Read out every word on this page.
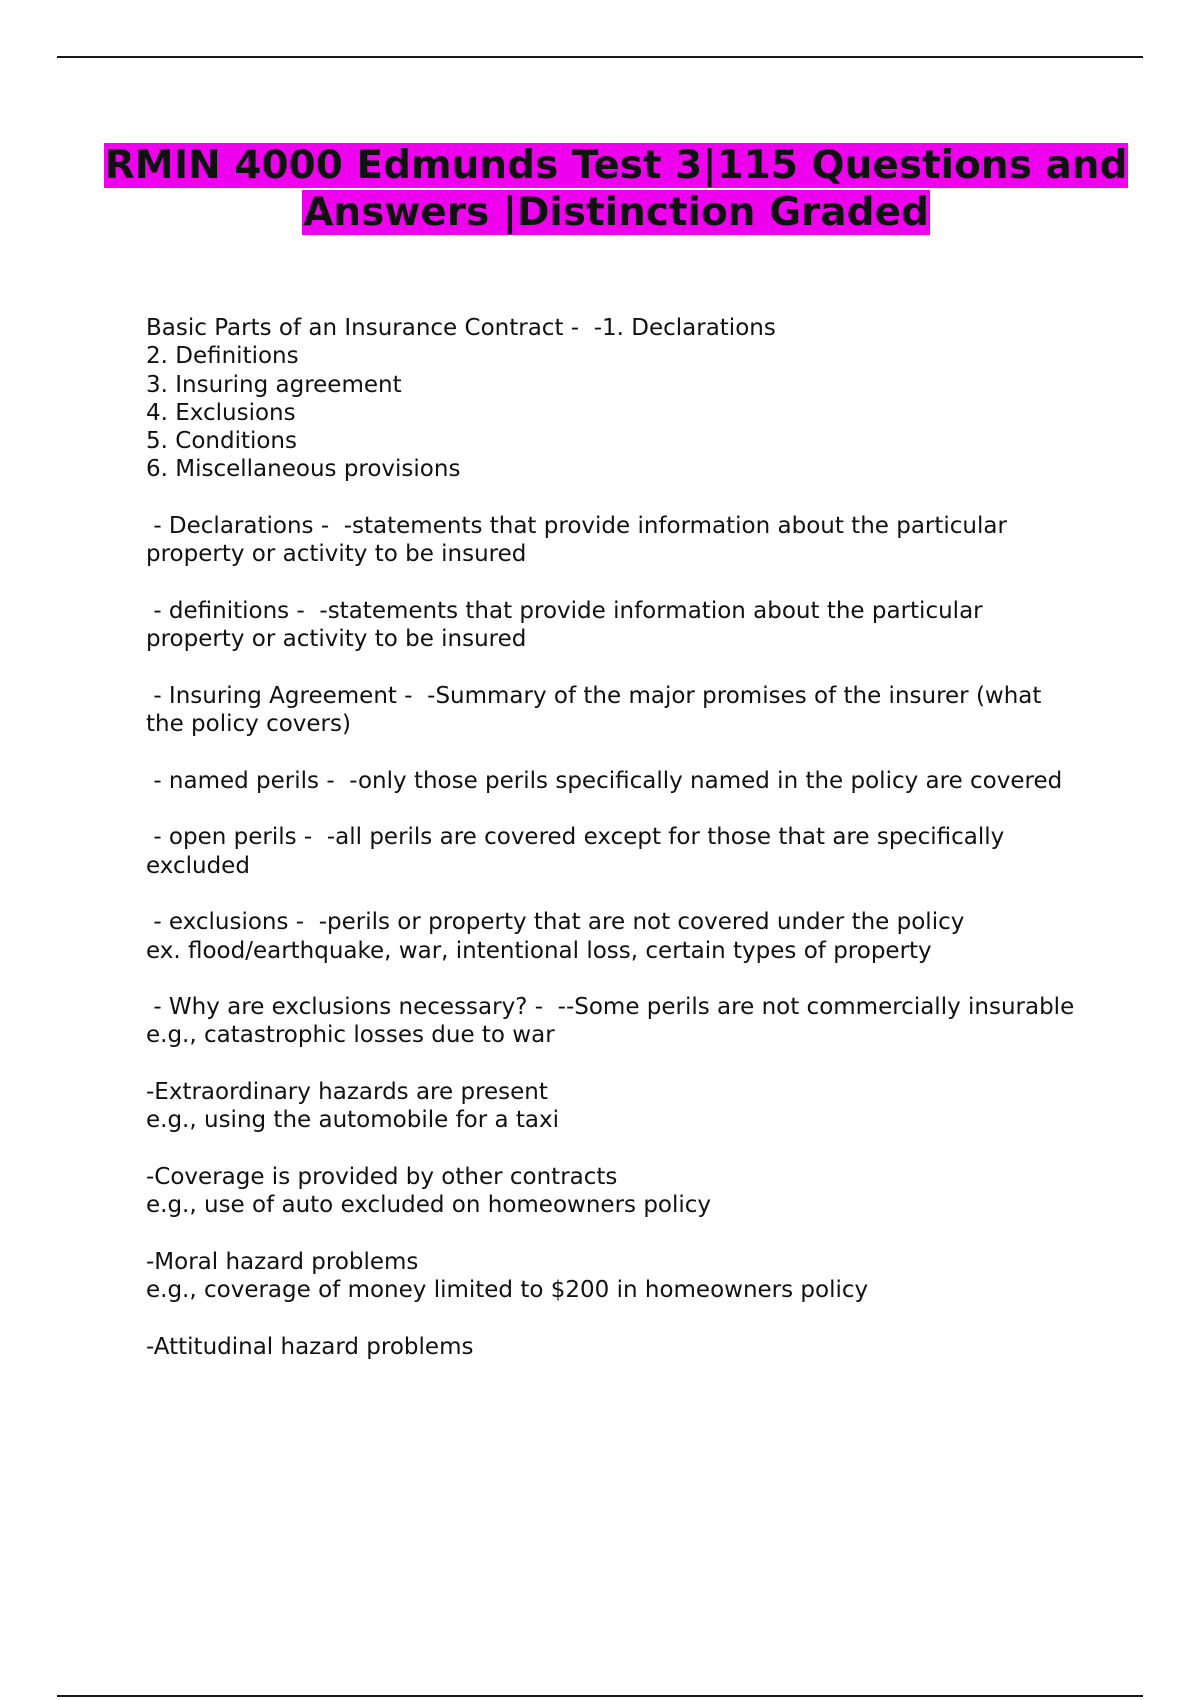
RMIN 4000 Edmunds Test 3|115 Questions and Answers |Distinction Graded
Basic Parts of an Insurance Contract -  -1. Declarations
2. Definitions
3. Insuring agreement
4. Exclusions
5. Conditions
6. Miscellaneous provisions
- Declarations -  -statements that provide information about the particular property or activity to be insured
- definitions -  -statements that provide information about the particular property or activity to be insured
- Insuring Agreement -  -Summary of the major promises of the insurer (what the policy covers)
- named perils -  -only those perils specifically named in the policy are covered
- open perils -  -all perils are covered except for those that are specifically excluded
- exclusions -  -perils or property that are not covered under the policy
ex. flood/earthquake, war, intentional loss, certain types of property
- Why are exclusions necessary? -  --Some perils are not commercially insurable
e.g., catastrophic losses due to war
-Extraordinary hazards are present
e.g., using the automobile for a taxi
-Coverage is provided by other contracts
e.g., use of auto excluded on homeowners policy
-Moral hazard problems
e.g., coverage of money limited to $200 in homeowners policy
-Attitudinal hazard problems
